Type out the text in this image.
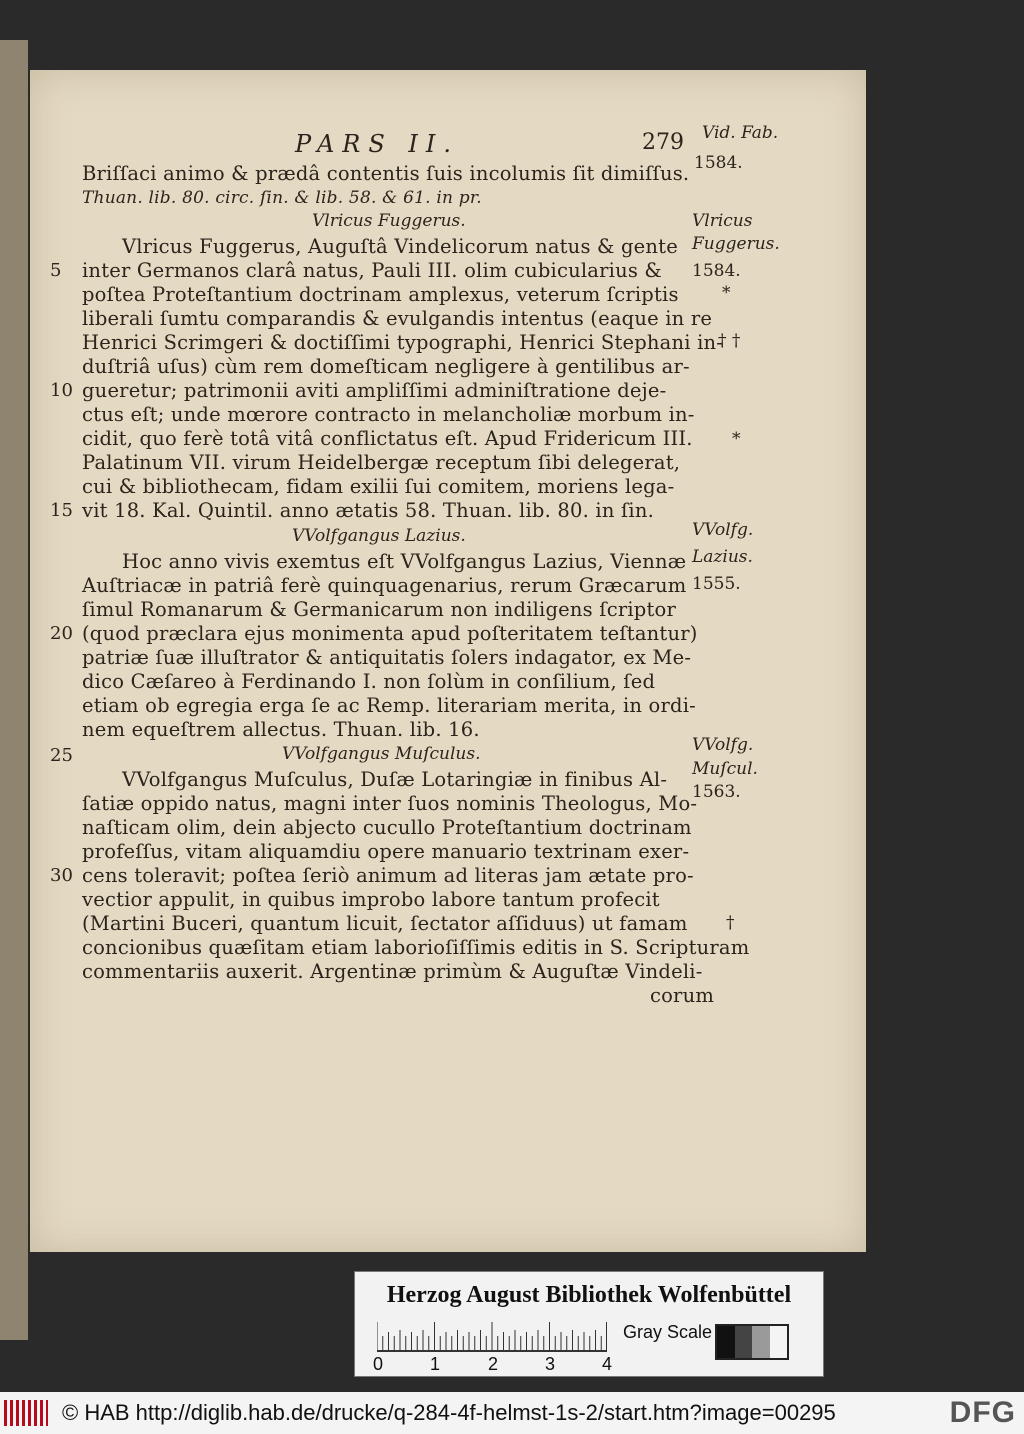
PARS II.	279
Briſſaci animo & prædâ contentis ſuis incolumis ſit dimiſſus.
Thuan. lib. 80. circ. ſin. & lib. 58. & 61. in pr.
Vlricus Fuggerus.
Vlricus Fuggerus, Auguſtâ Vindelicorum natus & gente
inter Germanos clarâ natus, Pauli III. olim cubicularius &
poſtea Proteſtantium doctrinam amplexus, veterum ſcriptis
liberali ſumtu comparandis & evulgandis intentus (eaque in re
Henrici Scrimgeri & doctiſſimi typographi, Henrici Stephani in-
duſtriâ uſus) cùm rem domeſticam negligere à gentilibus ar-
gueretur; patrimonii aviti ampliſſimi adminiſtratione deje-
ctus eſt; unde mœrore contracto in melancholiæ morbum in-
cidit, quo ferè totâ vitâ conflictatus eſt. Apud Fridericum III.
Palatinum VII. virum Heidelbergæ receptum ſibi delegerat,
cui & bibliothecam, fidam exilii ſui comitem, moriens lega-
vit 18. Kal. Quintil. anno ætatis 58. Thuan. lib. 80. in ſin.
VVolfgangus Lazius.
Hoc anno vivis exemtus eſt VVolfgangus Lazius, Viennæ
Auſtriacæ in patriâ ferè quinquagenarius, rerum Græcarum
ſimul Romanarum & Germanicarum non indiligens ſcriptor
(quod præclara ejus monimenta apud poſteritatem teſtantur)
patriæ ſuæ illuſtrator & antiquitatis ſolers indagator, ex Me-
dico Cæſareo à Ferdinando I. non ſolùm in conſilium, ſed
etiam ob egregia erga ſe ac Remp. literariam merita, in ordi-
nem equeſtrem allectus. Thuan. lib. 16.
VVolfgangus Muſculus.
VVolfgangus Muſculus, Duſæ Lotaringiæ in finibus Al-
ſatiæ oppido natus, magni inter ſuos nominis Theologus, Mo-
naſticam olim, dein abjecto cucullo Proteſtantium doctrinam
profeſſus, vitam aliquamdiu opere manuario textrinam exer-
cens toleravit; poſtea ſeriò animum ad literas jam ætate pro-
vectior appulit, in quibus improbo labore tantum profecit
(Martini Buceri, quantum licuit, ſectator aſſiduus) ut famam
concionibus quæſitam etiam laborioſiſſimis editis in S. Scripturam
commentariis auxerit. Argentinæ primùm & Auguſtæ Vindeli-
corum
5
10
15
20
25
30
Vid. Fab.
1584.
Vlricus
Fuggerus.
1584.
*
† †
*
VVolfg.
Lazius.
1555.
VVolfg.
Muſcul.
1563.
†
Herzog August Bibliothek Wolfenbüttel
0	1	2	3	4
Gray Scale
© HAB http://diglib.hab.de/drucke/q-284-4f-helmst-1s-2/start.htm?image=00295	DFG
